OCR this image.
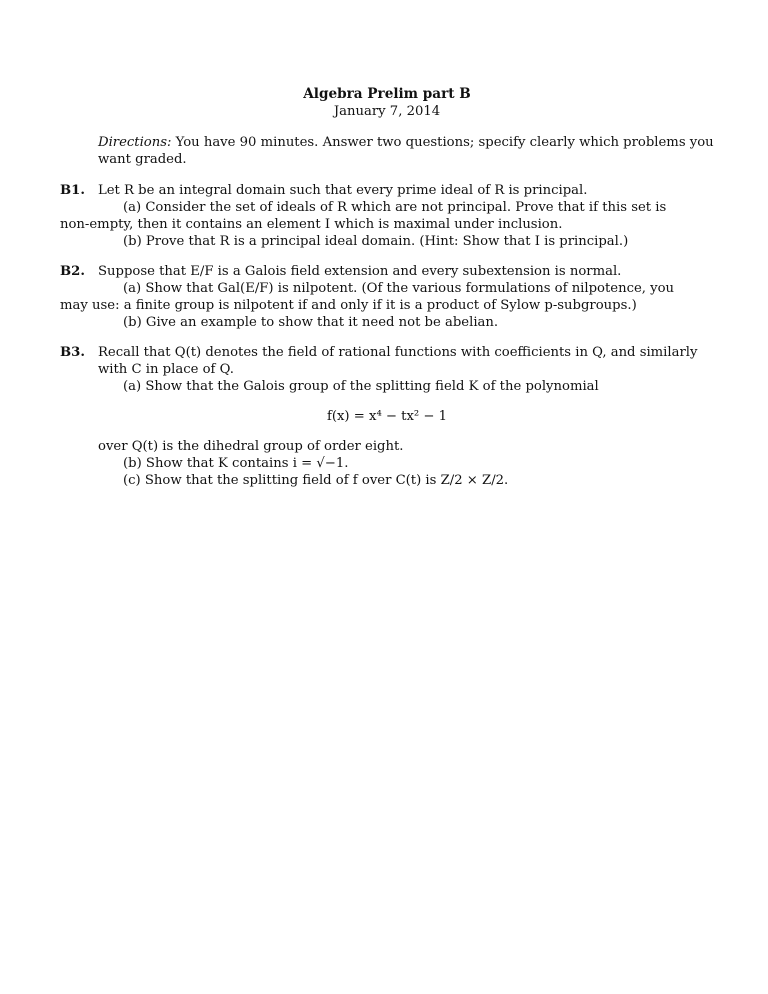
Algebra Prelim part B

January 7, 2014

Directions: You have 90 minutes. Answer two questions; specify clearly which problems you want graded.

B1. Let R be an integral domain such that every prime ideal of R is principal.

(a) Consider the set of ideals of R which are not principal. Prove that if this set is

non-empty, then it contains an element I which is maximal under inclusion.

(b) Prove that R is a principal ideal domain. (Hint: Show that I is principal.)

B2. Suppose that E/F is a Galois field extension and every subextension is normal.

(a) Show that Gal(E/F) is nilpotent. (Of the various formulations of nilpotence, you

may use: a finite group is nilpotent if and only if it is a product of Sylow p-subgroups.)

(b) Give an example to show that it need not be abelian.

B3. Recall that Q(t) denotes the field of rational functions with coefficients in Q, and similarly

with C in place of Q.

(a) Show that the Galois group of the splitting field K of the polynomial

f(x) = x⁴ − tx² − 1

over Q(t) is the dihedral group of order eight.

(b) Show that K contains i = √−1.

(c) Show that the splitting field of f over C(t) is Z/2 × Z/2.
